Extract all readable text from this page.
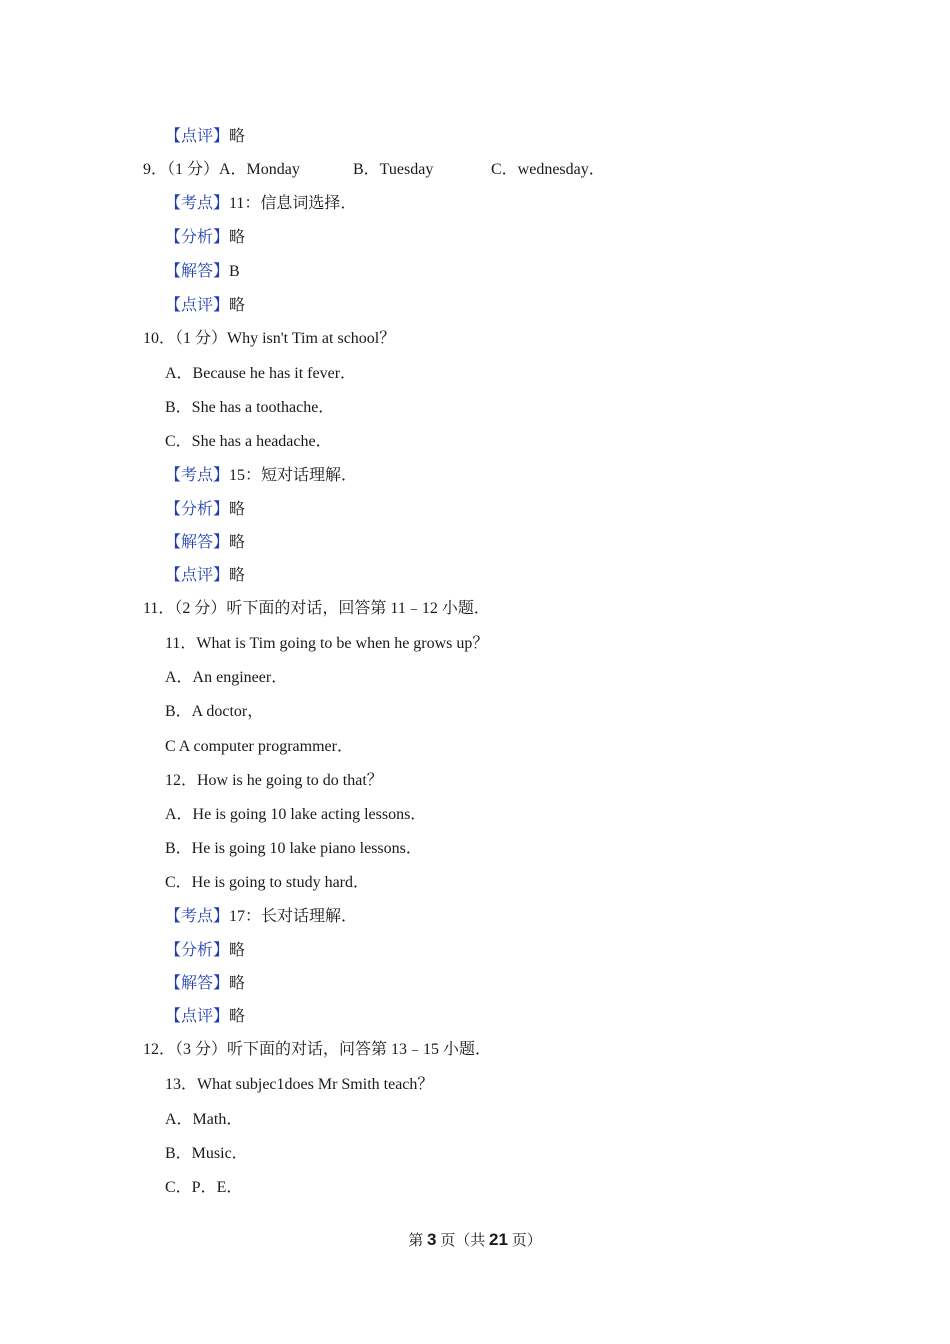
【点评】略
9．（1 分）A．Monday	B．Tuesday	C．wednesday．
【考点】11：信息词选择．
【分析】略
【解答】B
【点评】略
10．（1 分）Why isn't Tim at school？
A．Because he has it fever．
B．She has a toothache．
C．She has a headache．
【考点】15：短对话理解．
【分析】略
【解答】略
【点评】略
11．（2 分）听下面的对话，回答第 11﹣12 小题．
11．What is Tim going to be when he grows up？
A．An engineer．
B．A doctor，
C A computer programmer．
12．How is he going to do that？
A．He is going 10 lake acting lessons．
B．He is going 10 lake piano lessons．
C．He is going to study hard．
【考点】17：长对话理解．
【分析】略
【解答】略
【点评】略
12．（3 分）听下面的对话，问答第 13﹣15 小题．
13．What subjec1does Mr Smith teach？
A．Math．
B．Music．
C．P．E．
第 3 页（共 21 页）
